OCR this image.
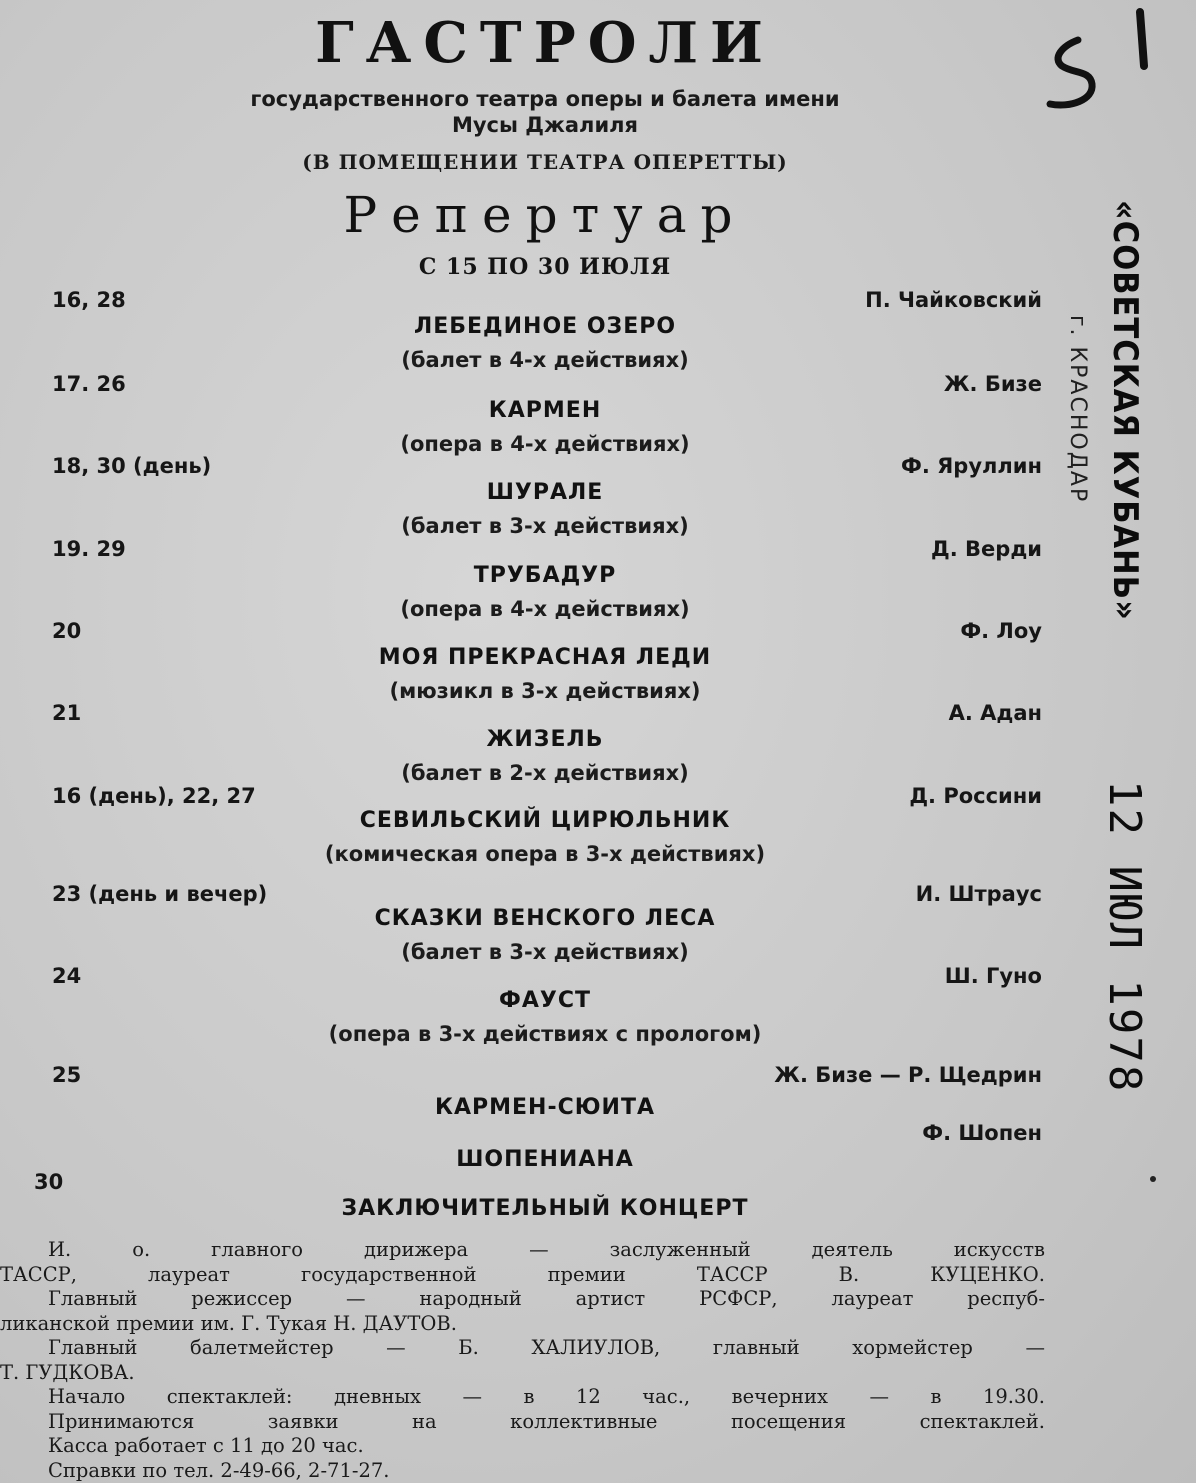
ГАСТРОЛИ
государственного театра оперы и балета имени
Мусы Джалиля
(В ПОМЕЩЕНИИ ТЕАТРА ОПЕРЕТТЫ)
Репертуар
С 15 ПО 30 ИЮЛЯ
16, 28	П. Чайковский
ЛЕБЕДИНОЕ ОЗЕРО
(балет в 4-х действиях)
17. 26	Ж. Бизе
КАРМЕН
(опера в 4-х действиях)
18, 30 (день)	Ф. Яруллин
ШУРАЛЕ
(балет в 3-х действиях)
19. 29	Д. Верди
ТРУБАДУР
(опера в 4-х действиях)
20	Ф. Лоу
МОЯ ПРЕКРАСНАЯ ЛЕДИ
(мюзикл в 3-х действиях)
21	А. Адан
ЖИЗЕЛЬ
(балет в 2-х действиях)
16 (день), 22, 27	Д. Россини
СЕВИЛЬСКИЙ ЦИРЮЛЬНИК
(комическая опера в 3-х действиях)
23 (день и вечер)	И. Штраус
СКАЗКИ ВЕНСКОГО ЛЕСА
(балет в 3-х действиях)
24	Ш. Гуно
ФАУСТ
(опера в 3-х действиях с прологом)
25	Ж. Бизе — Р. Щедрин
КАРМЕН-СЮИТА
Ф. Шопен
ШОПЕНИАНА
30
ЗАКЛЮЧИТЕЛЬНЫЙ КОНЦЕРТ

И. о. главного дирижера — заслуженный деятель искусств

ТАССР, лауреат государственной премии ТАССР В. КУЦЕНКО.

Главный режиссер — народный артист РСФСР, лауреат респуб-

ликанской премии им. Г. Тукая Н. ДАУТОВ.

Главный балетмейстер — Б. ХАЛИУЛОВ, главный хормейстер —

Т. ГУДКОВА.

Начало спектаклей: дневных — в 12 час., вечерних — в 19.30.

Принимаются заявки на коллективные посещения спектаклей.

Касса работает с 11 до 20 час.

Справки по тел. 2-49-66, 2-71-27.

«СОВЕТСКАЯ КУБАНЬ»
г. КРАСНОДАР
12 ИЮЛ 1978
